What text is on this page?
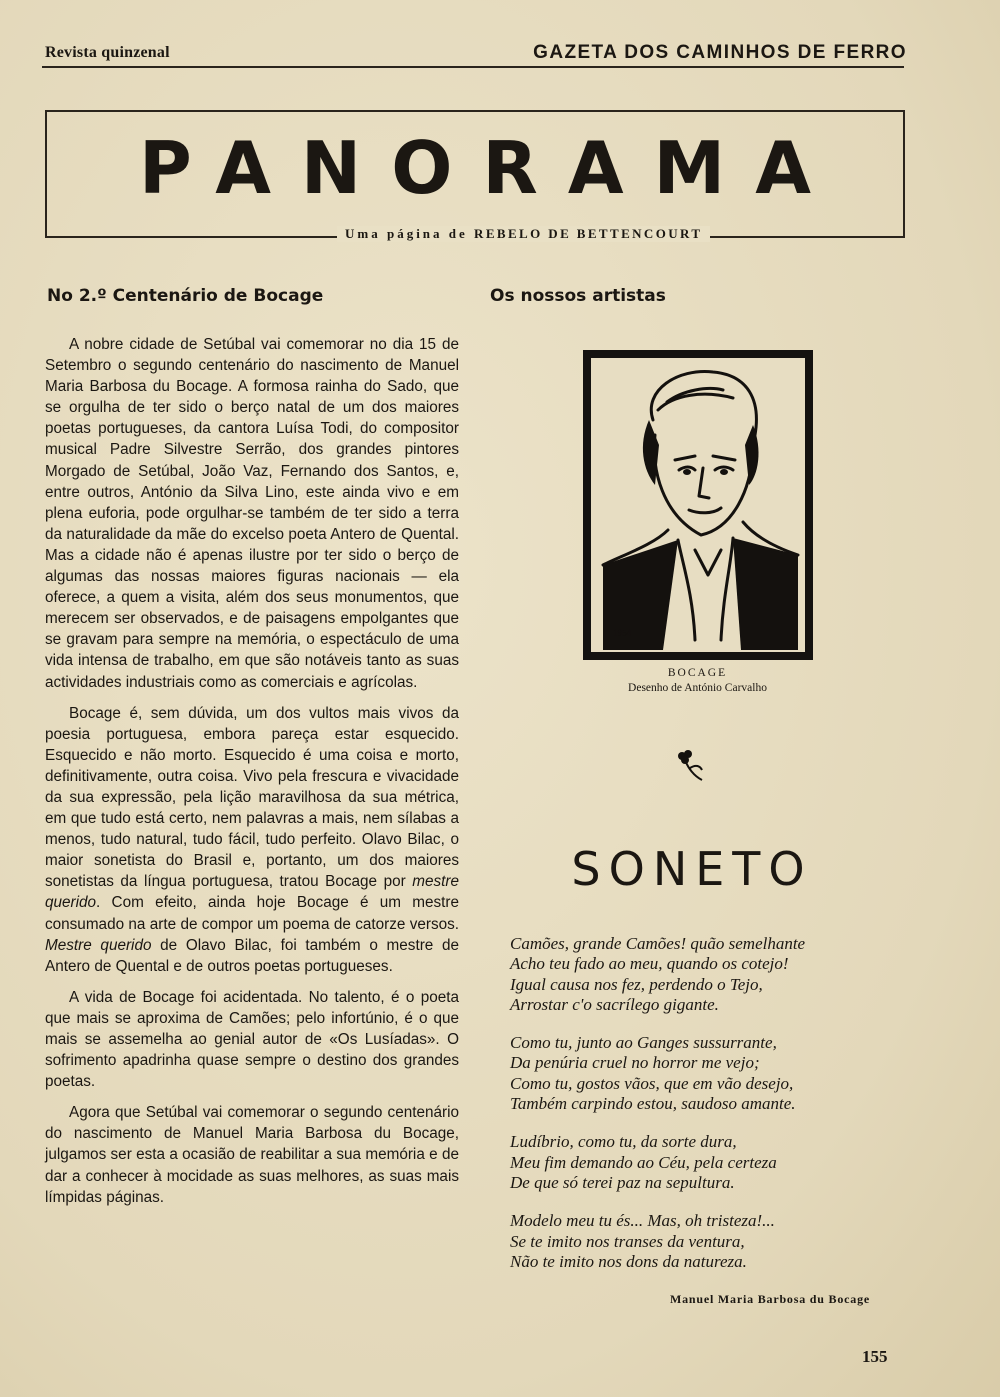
Revista quinzenal	GAZETA DOS CAMINHOS DE FERRO
PANORAMA
Uma página de REBELO DE BETTENCOURT
No 2.º Centenário de Bocage

A nobre cidade de Setúbal vai comemorar no dia 15 de Setembro o segundo centenário do nascimento de Manuel Maria Barbosa du Bocage. A formosa rainha do Sado, que se orgulha de ter sido o berço natal de um dos maiores poetas portugueses, da cantora Luísa Todi, do compositor musical Padre Silvestre Serrão, dos grandes pintores Morgado de Setúbal, João Vaz, Fernando dos Santos, e, entre outros, António da Silva Lino, este ainda vivo e em plena euforia, pode orgulhar-se também de ter sido a terra da naturalidade da mãe do excelso poeta Antero de Quental. Mas a cidade não é apenas ilustre por ter sido o berço de algumas das nossas maiores figuras nacionais — ela oferece, a quem a visita, além dos seus monumentos, que merecem ser observados, e de paisagens empolgantes que se gravam para sempre na memória, o espectáculo de uma vida intensa de trabalho, em que são notáveis tanto as suas actividades industriais como as comerciais e agrícolas.

Bocage é, sem dúvida, um dos vultos mais vivos da poesia portuguesa, embora pareça estar esquecido. Esquecido e não morto. Esquecido é uma coisa e morto, definitivamente, outra coisa. Vivo pela frescura e vivacidade da sua expressão, pela lição maravilhosa da sua métrica, em que tudo está certo, nem palavras a mais, nem sílabas a menos, tudo natural, tudo fácil, tudo perfeito. Olavo Bilac, o maior sonetista do Brasil e, portanto, um dos maiores sonetistas da língua portuguesa, tratou Bocage por mestre querido. Com efeito, ainda hoje Bocage é um mestre consumado na arte de compor um poema de catorze versos. Mestre querido de Olavo Bilac, foi também o mestre de Antero de Quental e de outros poetas portugueses.

A vida de Bocage foi acidentada. No talento, é o poeta que mais se aproxima de Camões; pelo infortúnio, é o que mais se assemelha ao genial autor de «Os Lusíadas». O sofrimento apadrinha quase sempre o destino dos grandes poetas.

Agora que Setúbal vai comemorar o segundo centenário do nascimento de Manuel Maria Barbosa du Bocage, julgamos ser esta a ocasião de reabilitar a sua memória e de dar a conhecer à mocidade as suas melhores, as suas mais límpidas páginas.

Os nossos artistas
1954
BOCAGE
Desenho de António Carvalho
SONETO
Camões, grande Camões! quão semelhante
Acho teu fado ao meu, quando os cotejo!
Igual causa nos fez, perdendo o Tejo,
Arrostar c'o sacrílego gigante.
Como tu, junto ao Ganges sussurrante,
Da penúria cruel no horror me vejo;
Como tu, gostos vãos, que em vão desejo,
Também carpindo estou, saudoso amante.
Ludíbrio, como tu, da sorte dura,
Meu fim demando ao Céu, pela certeza
De que só terei paz na sepultura.
Modelo meu tu és... Mas, oh tristeza!...
Se te imito nos transes da ventura,
Não te imito nos dons da natureza.
Manuel Maria Barbosa du Bocage
155
